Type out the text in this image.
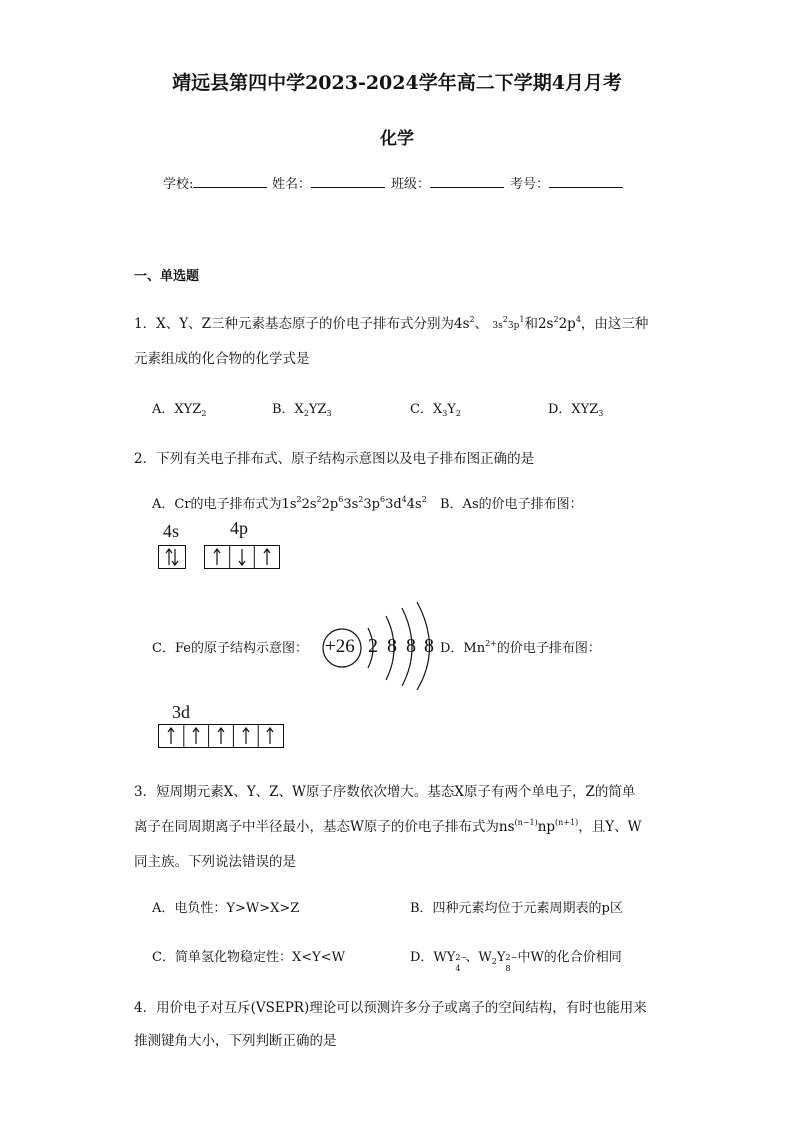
靖远县第四中学2023-2024学年高二下学期4月月考
化学
学校:	姓名：	班级：	考号：
一、单选题
1．X、Y、Z三种元素基态原子的价电子排布式分别为$4s^2$、 $3s^23p^1$和$2s^22p^4$，由这三种
元素组成的化合物的化学式是
A．$XYZ_2$	B．$X_2YZ_3$	C．$X_3Y_2$	D．$XYZ_3$
2．下列有关电子排布式、原子结构示意图以及电子排布图正确的是
A．Cr的电子排布式为$1s^22s^22p^63s^23p^63d^44s^2$ B．As的价电子排布图：
4s	4p
C．Fe的原子结构示意图： +26 2 8 8 8 D．$Mn^{2+}$的价电子排布图：
3d
3．短周期元素X、Y、Z、W原子序数依次增大。基态X原子有两个单电子，Z的简单
离子在同周期离子中半径最小，基态W原子的价电子排布式为$ns^{(n-1)}np^{(n+1)}$，且Y、W
同主族。下列说法错误的是
A．电负性：Y>W>X>Z	B．四种元素均位于元素周期表的p区
C．简单氢化物稳定性：X<Y<W	D．WY 2−
4
、$W_2Y$ 2−
8
中W的化合价相同
4．用价电子对互斥(VSEPR)理论可以预测许多分子或离子的空间结构，有时也能用来
推测键角大小，下列判断正确的是
